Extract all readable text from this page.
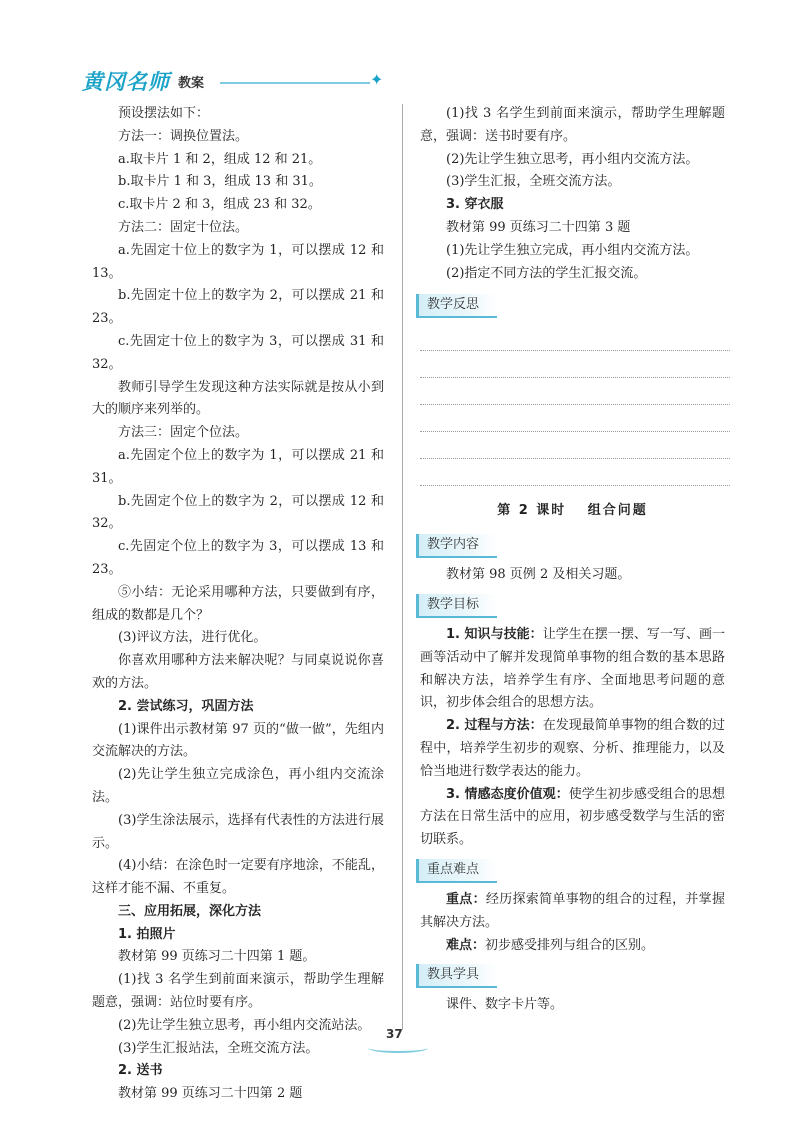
黄冈名师 教案	✦

预设摆法如下：

方法一：调换位置法。

a.取卡片 1 和 2，组成 12 和 21。

b.取卡片 1 和 3，组成 13 和 31。

c.取卡片 2 和 3，组成 23 和 32。

方法二：固定十位法。

a.先固定十位上的数字为 1，可以摆成 12 和 13。

b.先固定十位上的数字为 2，可以摆成 21 和 23。

c.先固定十位上的数字为 3，可以摆成 31 和 32。

教师引导学生发现这种方法实际就是按从小到大的顺序来列举的。

方法三：固定个位法。

a.先固定个位上的数字为 1，可以摆成 21 和 31。

b.先固定个位上的数字为 2，可以摆成 12 和 32。

c.先固定个位上的数字为 3，可以摆成 13 和 23。

⑤小结：无论采用哪种方法，只要做到有序，组成的数都是几个？

(3)评议方法，进行优化。

你喜欢用哪种方法来解决呢？与同桌说说你喜欢的方法。

2. 尝试练习，巩固方法

(1)课件出示教材第 97 页的“做一做”，先组内交流解决的方法。

(2)先让学生独立完成涂色，再小组内交流涂法。

(3)学生涂法展示，选择有代表性的方法进行展示。

(4)小结：在涂色时一定要有序地涂，不能乱，这样才能不漏、不重复。

三、应用拓展，深化方法

1. 拍照片

教材第 99 页练习二十四第 1 题。

(1)找 3 名学生到前面来演示，帮助学生理解题意，强调：站位时要有序。

(2)先让学生独立思考，再小组内交流站法。

(3)学生汇报站法，全班交流方法。

2. 送书

教材第 99 页练习二十四第 2 题

(1)找 3 名学生到前面来演示，帮助学生理解题意，强调：送书时要有序。

(2)先让学生独立思考，再小组内交流方法。

(3)学生汇报，全班交流方法。

3. 穿衣服

教材第 99 页练习二十四第 3 题

(1)先让学生独立完成，再小组内交流方法。

(2)指定不同方法的学生汇报交流。

教学反思
第 2 课时　 组合问题
教学内容

教材第 98 页例 2 及相关习题。

教学目标

1. 知识与技能：让学生在摆一摆、写一写、画一画等活动中了解并发现简单事物的组合数的基本思路和解决方法，培养学生有序、全面地思考问题的意识，初步体会组合的思想方法。

2. 过程与方法：在发现最简单事物的组合数的过程中，培养学生初步的观察、分析、推理能力，以及恰当地进行数学表达的能力。

3. 情感态度价值观：使学生初步感受组合的思想方法在日常生活中的应用，初步感受数学与生活的密切联系。

重点难点

重点：经历探索简单事物的组合的过程，并掌握其解决方法。

难点：初步感受排列与组合的区别。

教具学具

课件、数字卡片等。

37
